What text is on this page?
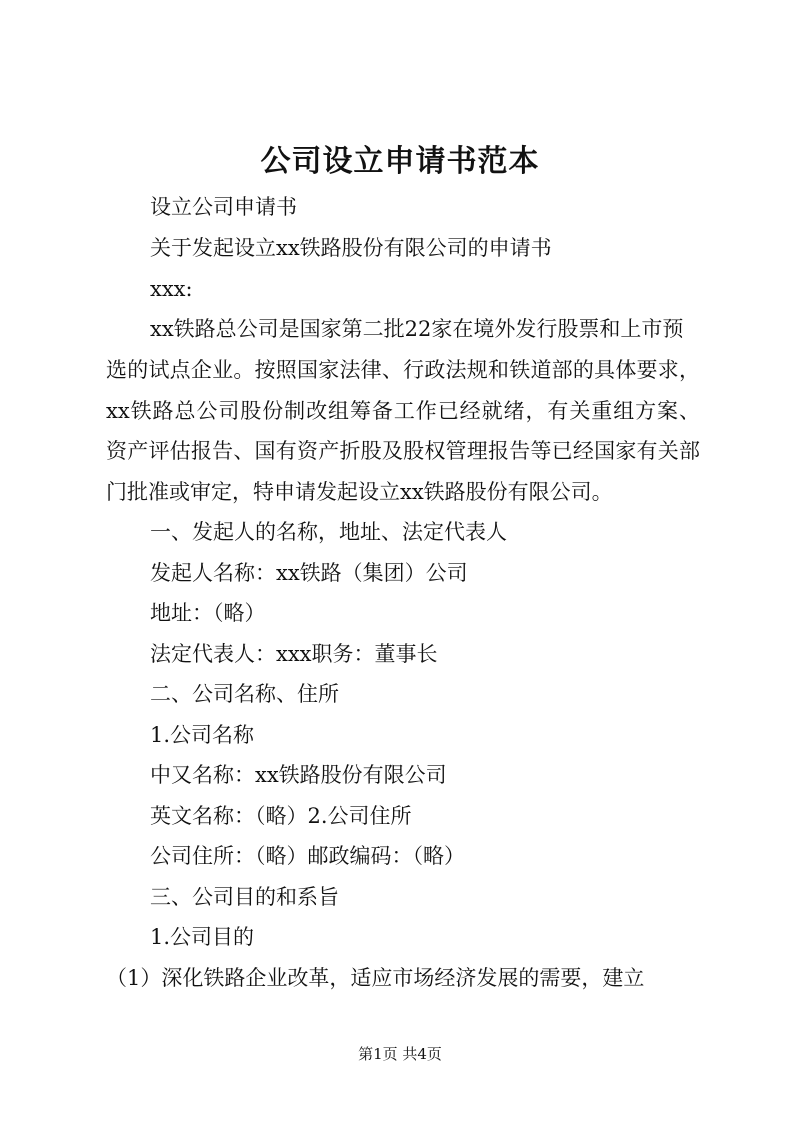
公司设立申请书范本
设立公司申请书
关于发起设立xx铁路股份有限公司的申请书
xxx:
xx铁路总公司是国家第二批22家在境外发行股票和上市预
选的试点企业。按照国家法律、行政法规和铁道部的具体要求，
xx铁路总公司股份制改组筹备工作已经就绪，有关重组方案、
资产评估报告、国有资产折股及股权管理报告等已经国家有关部
门批准或审定，特申请发起设立xx铁路股份有限公司。
一、发起人的名称，地址、法定代表人
发起人名称：xx铁路（集团）公司
地址：（略）
法定代表人：xxx职务：董事长
二、公司名称、住所
1.公司名称
中又名称：xx铁路股份有限公司
英文名称：（略）2.公司住所
公司住所：（略）邮政编码：（略）
三、公司目的和系旨
1.公司目的
（1）深化铁路企业改革，适应市场经济发展的需要，建立
第1页 共4页
